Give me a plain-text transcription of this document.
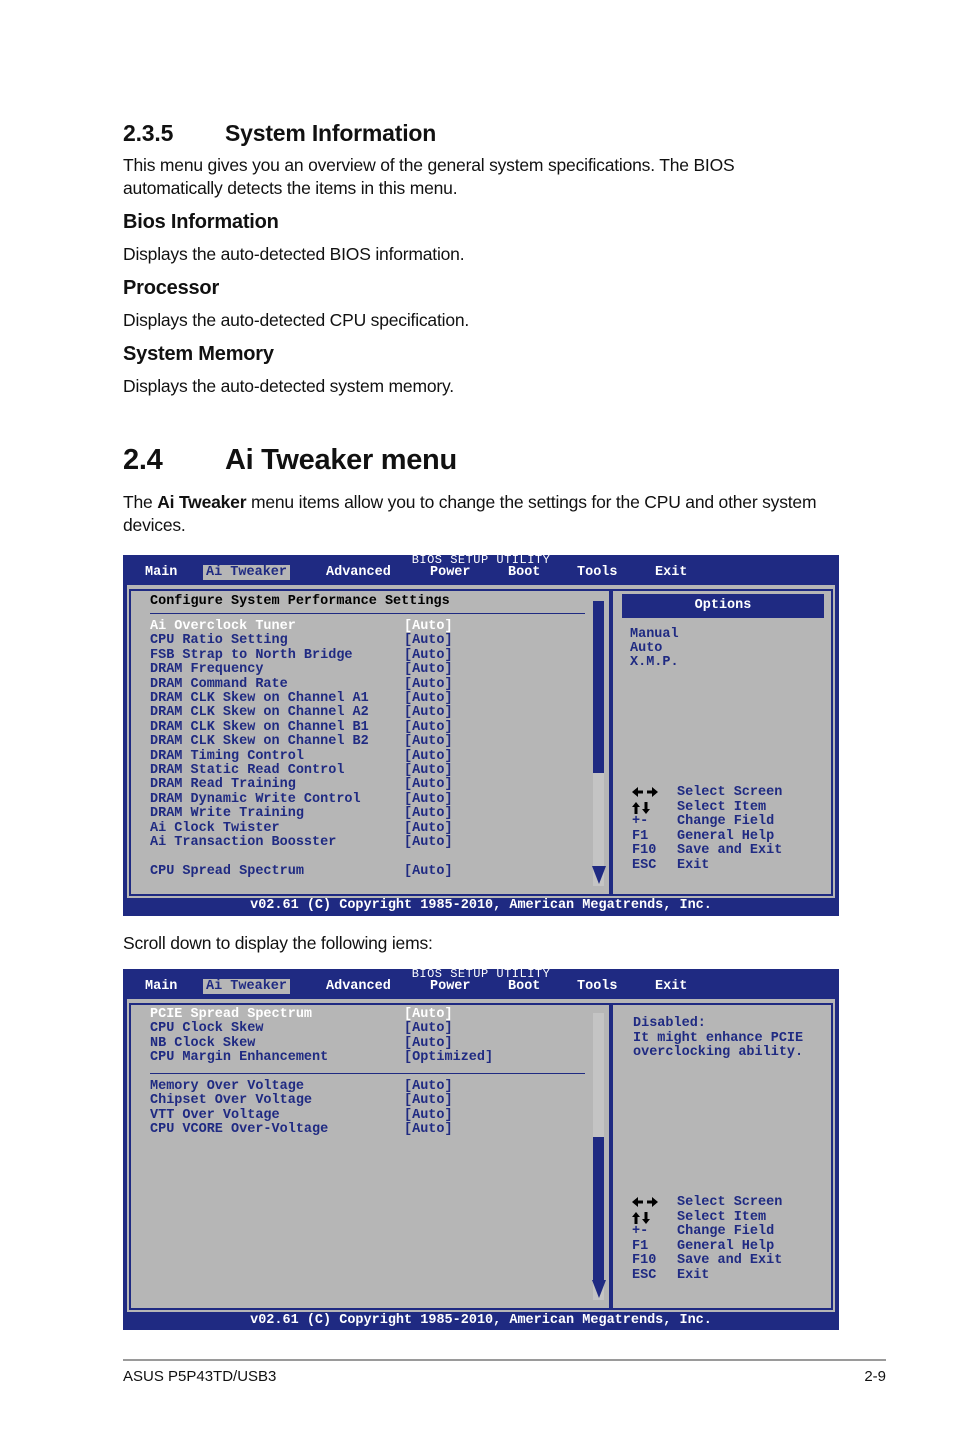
2.3.5 System Information

This menu gives you an overview of the general system specifications. The BIOS
automatically detects the items in this menu.

Bios Information

Displays the auto-detected BIOS information.

Processor

Displays the auto-detected CPU specification.

System Memory

Displays the auto-detected system memory.

2.4 Ai Tweaker menu

The Ai Tweaker menu items allow you to change the settings for the CPU and other system
devices.

BIOS SETUP UTILITY
Main Ai Tweaker	Advanced	Power	Boot	Tools	Exit
Configure System Performance Settings
Ai Overclock Tuner	[Auto]
CPU Ratio Setting	[Auto]
FSB Strap to North Bridge	[Auto]
DRAM Frequency	[Auto]
DRAM Command Rate	[Auto]
DRAM CLK Skew on Channel A1	[Auto]
DRAM CLK Skew on Channel A2	[Auto]
DRAM CLK Skew on Channel B1	[Auto]
DRAM CLK Skew on Channel B2	[Auto]
DRAM Timing Control	[Auto]
DRAM Static Read Control	[Auto]
DRAM Read Training	[Auto]
DRAM Dynamic Write Control	[Auto]
DRAM Write Training	[Auto]
Ai Clock Twister	[Auto]
Ai Transaction Boosster	[Auto]
CPU Spread Spectrum	[Auto]
Options
Manual
Auto
X.M.P.
Select Screen
Select Item
+- Change Field
F1 General Help
F10 Save and Exit
ESC Exit
v02.61 (C) Copyright 1985-2010, American Megatrends, Inc.

Scroll down to display the following iems:

BIOS SETUP UTILITY
Main Ai Tweaker	Advanced	Power	Boot	Tools	Exit
PCIE Spread Spectrum	[Auto]
CPU Clock Skew	[Auto]
NB Clock Skew	[Auto]
CPU Margin Enhancement	[Optimized]
Memory Over Voltage	[Auto]
Chipset Over Voltage	[Auto]
VTT Over Voltage	[Auto]
CPU VCORE Over-Voltage	[Auto]
Disabled:
It might enhance PCIE
overclocking ability.
Select Screen
Select Item
+- Change Field
F1 General Help
F10 Save and Exit
ESC Exit
v02.61 (C) Copyright 1985-2010, American Megatrends, Inc.
ASUS P5P43TD/USB3	2-9
